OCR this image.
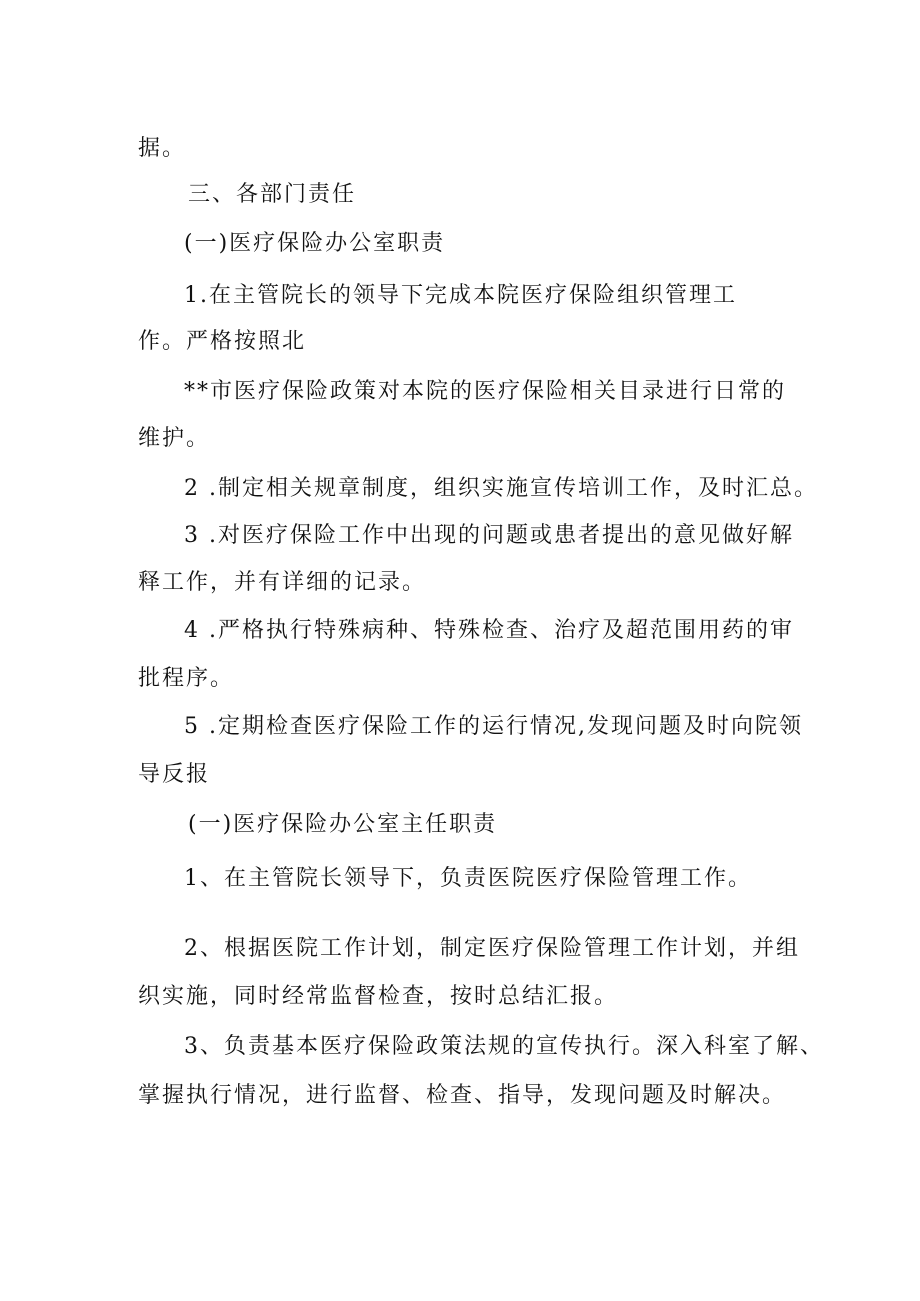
据。
三、各部门责任
(一)医疗保险办公室职责
1.在主管院长的领导下完成本院医疗保险组织管理工
作。严格按照北
**市医疗保险政策对本院的医疗保险相关目录进行日常的
维护。
2 .制定相关规章制度，组织实施宣传培训工作，及时汇总。
3 .对医疗保险工作中出现的问题或患者提出的意见做好解
释工作，并有详细的记录。
4 .严格执行特殊病种、特殊检查、治疗及超范围用药的审
批程序。
5 .定期检查医疗保险工作的运行情况,发现问题及时向院领
导反报
(一)医疗保险办公室主任职责
1、在主管院长领导下，负责医院医疗保险管理工作。
2、根据医院工作计划，制定医疗保险管理工作计划，并组
织实施，同时经常监督检查，按时总结汇报。
3、负责基本医疗保险政策法规的宣传执行。深入科室了解、
掌握执行情况，进行监督、检查、指导，发现问题及时解决。
